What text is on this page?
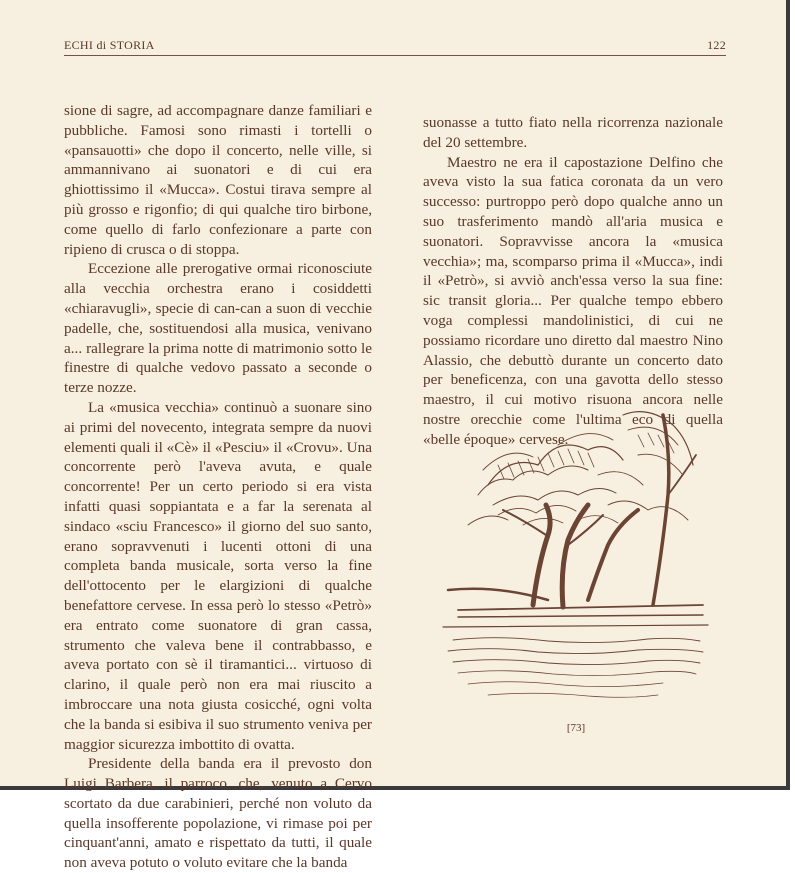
ECHI di STORIA	122

sione di sagre, ad accompagnare danze familiari e pubbliche. Famosi sono rimasti i tortelli o «pansauotti» che dopo il concerto, nelle ville, si ammannivano ai suonatori e di cui era ghiottissimo il «Mucca». Costui tirava sempre al più grosso e rigonfio; di qui qualche tiro birbone, come quello di farlo confezionare a parte con ripieno di crusca o di stoppa.

Eccezione alle prerogative ormai riconosciute alla vecchia orchestra erano i cosiddetti «chiaravugli», specie di can-can a suon di vecchie padelle, che, sostituendosi alla musica, venivano a... rallegrare la prima notte di matrimonio sotto le finestre di qualche vedovo passato a seconde o terze nozze.

La «musica vecchia» continuò a suonare sino ai primi del novecento, integrata sempre da nuovi elementi quali il «Cè» il «Pesciu» il «Crovu». Una concorrente però l'aveva avuta, e quale concorrente! Per un certo periodo si era vista infatti quasi soppiantata e a far la serenata al sindaco «sciu Francesco» il giorno del suo santo, erano sopravvenuti i lucenti ottoni di una completa banda musicale, sorta verso la fine dell'ottocento per le elargizioni di qualche benefattore cervese. In essa però lo stesso «Petrò» era entrato come suonatore di gran cassa, strumento che valeva bene il contrabbasso, e aveva portato con sè il tiramantici... virtuoso di clarino, il quale però non era mai riuscito a imbroccare una nota giusta cosicché, ogni volta che la banda si esibiva il suo strumento veniva per maggior sicurezza imbottito di ovatta.

Presidente della banda era il prevosto don Luigi Barbera, il parroco, che, venuto a Cervo scortato da due carabinieri, perché non voluto da quella insofferente popolazione, vi rimase poi per cinquant'anni, amato e rispettato da tutti, il quale non aveva potuto o voluto evitare che la banda

suonasse a tutto fiato nella ricorrenza nazionale del 20 settembre.

Maestro ne era il capostazione Delfino che aveva visto la sua fatica coronata da un vero successo: purtroppo però dopo qualche anno un suo trasferimento mandò all'aria musica e suonatori. Sopravvisse ancora la «musica vecchia»; ma, scomparso prima il «Mucca», indi il «Petrò», si avviò anch'essa verso la sua fine: sic transit gloria... Per qualche tempo ebbero voga complessi mandolinistici, di cui ne possiamo ricordare uno diretto dal maestro Nino Alassio, che debuttò durante un concerto dato per beneficenza, con una gavotta dello stesso maestro, il cui motivo risuona ancora nelle nostre orecchie come l'ultima eco di quella «belle époque» cervese.

[73]
